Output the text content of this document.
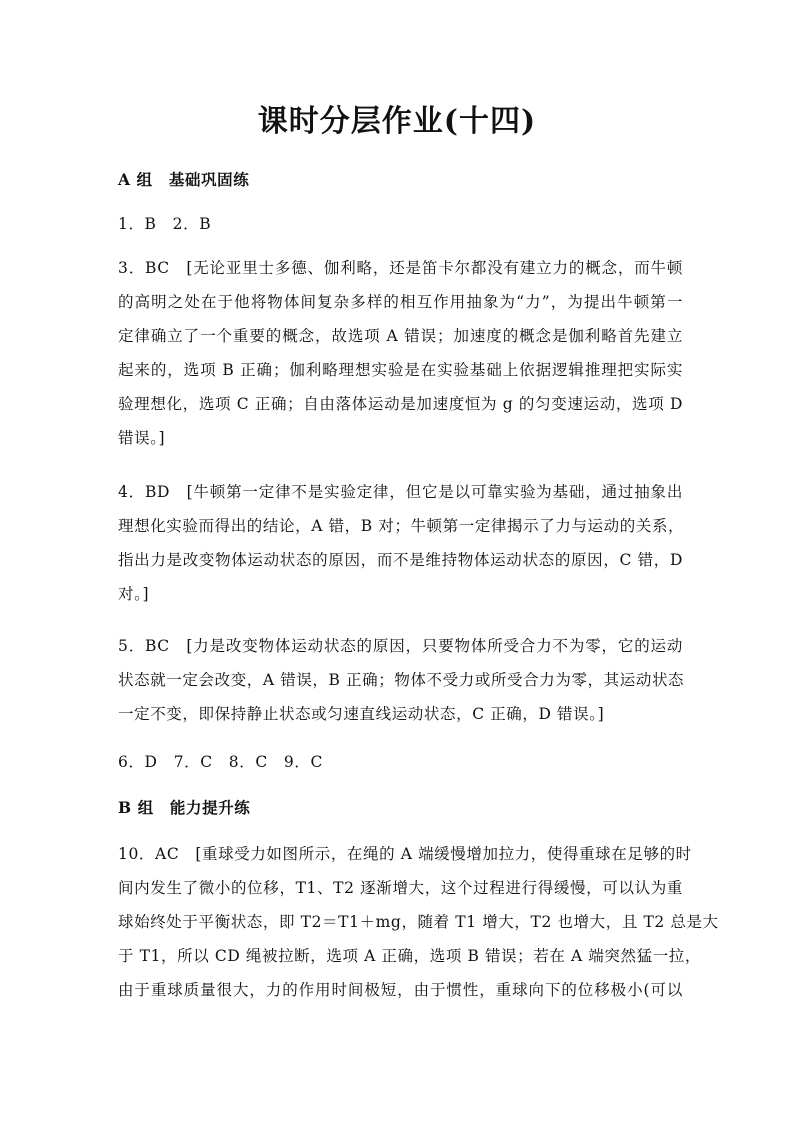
课时分层作业(十四)
A 组　基础巩固练
1．B　2．B
3．BC　[无论亚里士多德、伽利略，还是笛卡尔都没有建立力的概念，而牛顿
的高明之处在于他将物体间复杂多样的相互作用抽象为“力”，为提出牛顿第一
定律确立了一个重要的概念，故选项 A 错误；加速度的概念是伽利略首先建立
起来的，选项 B 正确；伽利略理想实验是在实验基础上依据逻辑推理把实际实
验理想化，选项 C 正确；自由落体运动是加速度恒为 g 的匀变速运动，选项 D
错误。]
4．BD　[牛顿第一定律不是实验定律，但它是以可靠实验为基础，通过抽象出
理想化实验而得出的结论，A 错，B 对；牛顿第一定律揭示了力与运动的关系，
指出力是改变物体运动状态的原因，而不是维持物体运动状态的原因，C 错，D
对。]
5．BC　[力是改变物体运动状态的原因，只要物体所受合力不为零，它的运动
状态就一定会改变，A 错误，B 正确；物体不受力或所受合力为零，其运动状态
一定不变，即保持静止状态或匀速直线运动状态，C 正确，D 错误。]
6．D　7．C　8．C　9．C
B 组　能力提升练
10．AC　[重球受力如图所示，在绳的 A 端缓慢增加拉力，使得重球在足够的时
间内发生了微小的位移，T1、T2 逐渐增大，这个过程进行得缓慢，可以认为重
球始终处于平衡状态，即 T2＝T1＋mg，随着 T1 增大，T2 也增大，且 T2 总是大
于 T1，所以 CD 绳被拉断，选项 A 正确，选项 B 错误；若在 A 端突然猛一拉，
由于重球质量很大，力的作用时间极短，由于惯性，重球向下的位移极小(可以
